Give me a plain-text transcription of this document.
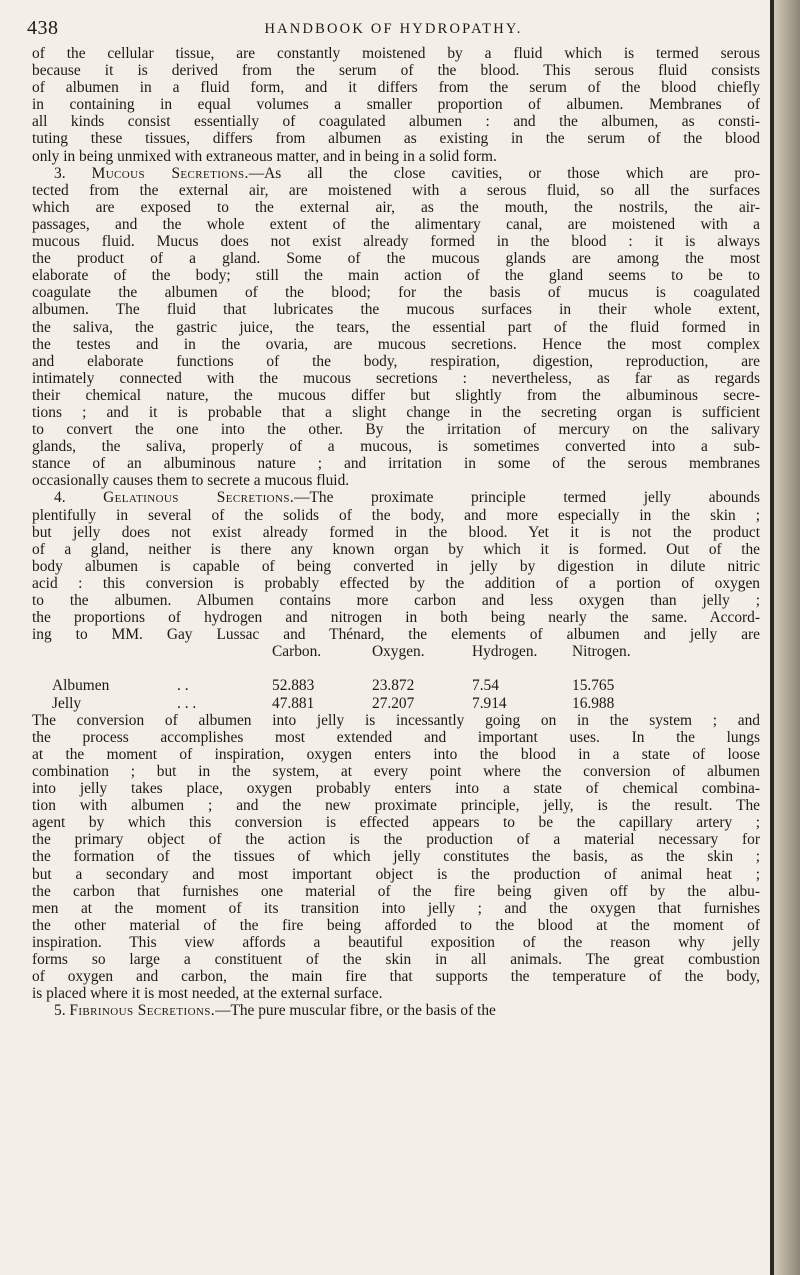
438	HANDBOOK OF HYDROPATHY.
of the cellular tissue, are constantly moistened by a fluid which is termed serous
because it is derived from the serum of the blood. This serous fluid consists
of albumen in a fluid form, and it differs from the serum of the blood chiefly
in containing in equal volumes a smaller proportion of albumen. Membranes of
all kinds consist essentially of coagulated albumen : and the albumen, as consti-
tuting these tissues, differs from albumen as existing in the serum of the blood
only in being unmixed with extraneous matter, and in being in a solid form.
3. Mucous Secretions.—As all the close cavities, or those which are pro-
tected from the external air, are moistened with a serous fluid, so all the surfaces
which are exposed to the external air, as the mouth, the nostrils, the air-
passages, and the whole extent of the alimentary canal, are moistened with a
mucous fluid. Mucus does not exist already formed in the blood : it is always
the product of a gland. Some of the mucous glands are among the most
elaborate of the body; still the main action of the gland seems to be to
coagulate the albumen of the blood; for the basis of mucus is coagulated
albumen. The fluid that lubricates the mucous surfaces in their whole extent,
the saliva, the gastric juice, the tears, the essential part of the fluid formed in
the testes and in the ovaria, are mucous secretions. Hence the most complex
and elaborate functions of the body, respiration, digestion, reproduction, are
intimately connected with the mucous secretions : nevertheless, as far as regards
their chemical nature, the mucous differ but slightly from the albuminous secre-
tions ; and it is probable that a slight change in the secreting organ is sufficient
to convert the one into the other. By the irritation of mercury on the salivary
glands, the saliva, properly of a mucous, is sometimes converted into a sub-
stance of an albuminous nature ; and irritation in some of the serous membranes
occasionally causes them to secrete a mucous fluid.
4. Gelatinous Secretions.—The proximate principle termed jelly abounds
plentifully in several of the solids of the body, and more especially in the skin ;
but jelly does not exist already formed in the blood. Yet it is not the product
of a gland, neither is there any known organ by which it is formed. Out of the
body albumen is capable of being converted in jelly by digestion in dilute nitric
acid : this conversion is probably effected by the addition of a portion of oxygen
to the albumen. Albumen contains more carbon and less oxygen than jelly ;
the proportions of hydrogen and nitrogen in both being nearly the same. Accord-
ing to MM. Gay Lussac and Thénard, the elements of albumen and jelly are
Carbon.	Oxygen.	Hydrogen.	Nitrogen.
Albumen	. .	52.883	23.872	7.54	15.765
Jelly	. . .	47.881	27.207	7.914	16.988
The conversion of albumen into jelly is incessantly going on in the system ; and
the process accomplishes most extended and important uses. In the lungs
at the moment of inspiration, oxygen enters into the blood in a state of loose
combination ; but in the system, at every point where the conversion of albumen
into jelly takes place, oxygen probably enters into a state of chemical combina-
tion with albumen ; and the new proximate principle, jelly, is the result. The
agent by which this conversion is effected appears to be the capillary artery ;
the primary object of the action is the production of a material necessary for
the formation of the tissues of which jelly constitutes the basis, as the skin ;
but a secondary and most important object is the production of animal heat ;
the carbon that furnishes one material of the fire being given off by the albu-
men at the moment of its transition into jelly ; and the oxygen that furnishes
the other material of the fire being afforded to the blood at the moment of
inspiration. This view affords a beautiful exposition of the reason why jelly
forms so large a constituent of the skin in all animals. The great combustion
of oxygen and carbon, the main fire that supports the temperature of the body,
is placed where it is most needed, at the external surface.
5. Fibrinous Secretions.—The pure muscular fibre, or the basis of the
